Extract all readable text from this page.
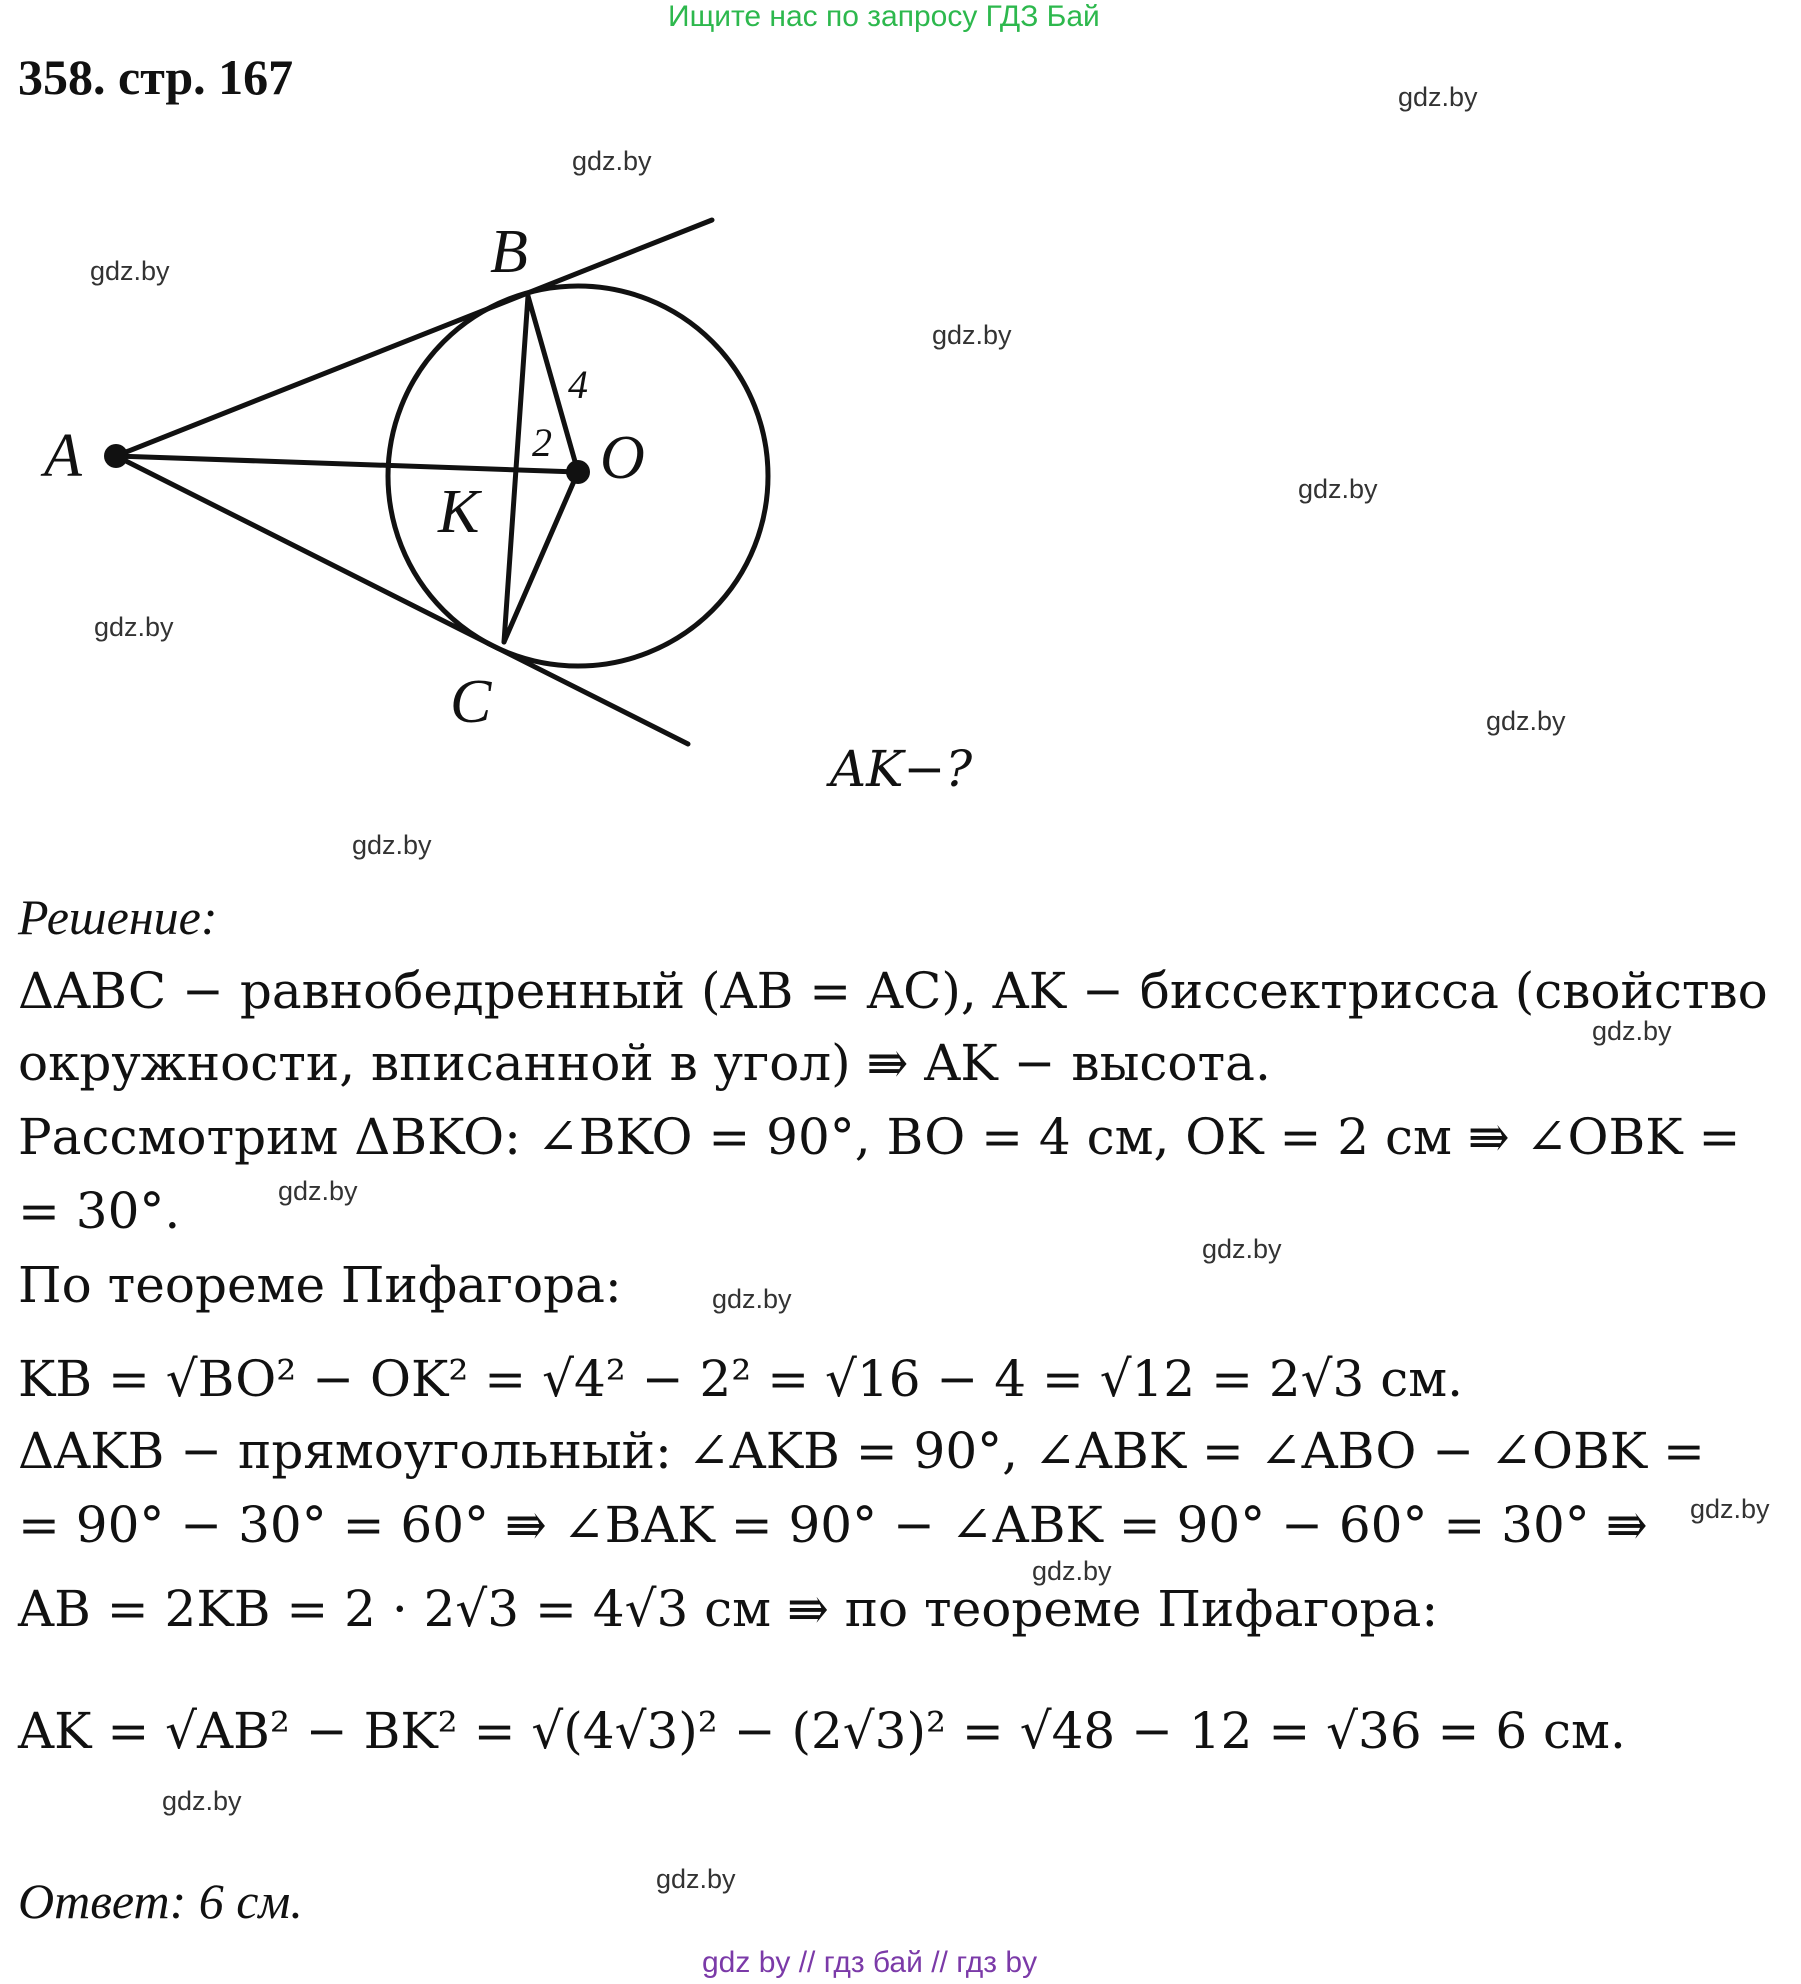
Ищите нас по запросу ГДЗ Бай
358. стр. 167	gdz.by
gdz.by
gdz.by
gdz.by
gdz.by
gdz.by
gdz.by
gdz.by
gdz.by
gdz.by
gdz.by
gdz.by
gdz.by
gdz.by
gdz.by
gdz.by
A
B
C
O
K
4
2
AK−?
Решение:
ΔABC − равнобедренный (AB = AC), AK − биссектрисса (свойство
окружности, вписанной в угол) ⇛ AK − высота.
Рассмотрим ΔBKO: ∠BKO = 90°, BO = 4 см, OK = 2 см ⇛ ∠OBK =
= 30°.
По теореме Пифагора:
KB = √BO² − OK² = √4² − 2² = √16 − 4 = √12 = 2√3 см.
ΔAKB − прямоугольный: ∠AKB = 90°, ∠ABK = ∠ABO − ∠OBK =
= 90° − 30° = 60° ⇛ ∠BAK = 90° − ∠ABK = 90° − 60° = 30° ⇛
AB = 2KB = 2 · 2√3 = 4√3 см ⇛ по теореме Пифагора:
AK = √AB² − BK² = √(4√3)² − (2√3)² = √48 − 12 = √36 = 6 см.
Ответ: 6 см.
gdz by // гдз бай // гдз by
